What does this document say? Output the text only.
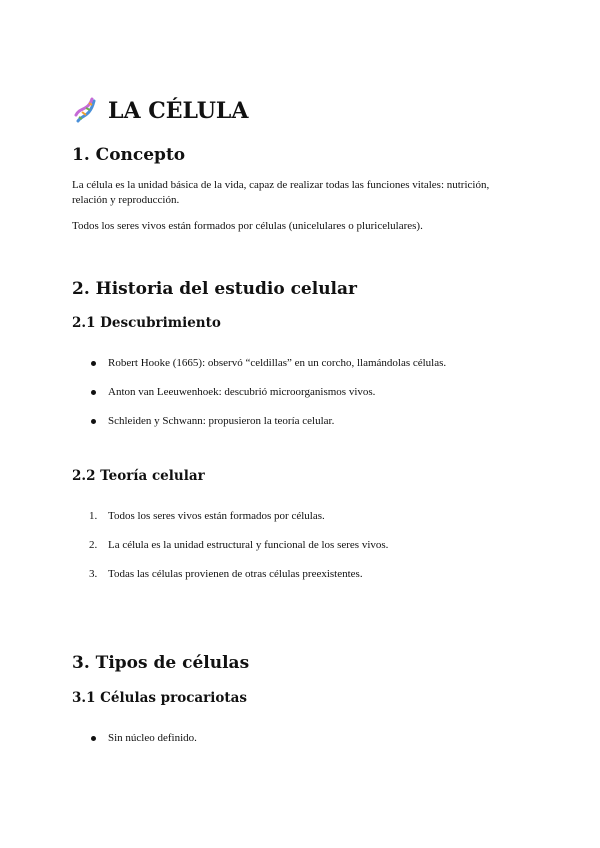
LA CÉLULA
1. Concepto

La célula es la unidad básica de la vida, capaz de realizar todas las funciones vitales: nutrición, relación y reproducción.

Todos los seres vivos están formados por células (unicelulares o pluricelulares).

2. Historia del estudio celular
2.1 Descubrimiento
Robert Hooke (1665): observó “celdillas” en un corcho, llamándolas células.
Anton van Leeuwenhoek: descubrió microorganismos vivos.
Schleiden y Schwann: propusieron la teoría celular.
2.2 Teoría celular
1. Todos los seres vivos están formados por células.
2. La célula es la unidad estructural y funcional de los seres vivos.
3. Todas las células provienen de otras células preexistentes.
3. Tipos de células
3.1 Células procariotas
Sin núcleo definido.
